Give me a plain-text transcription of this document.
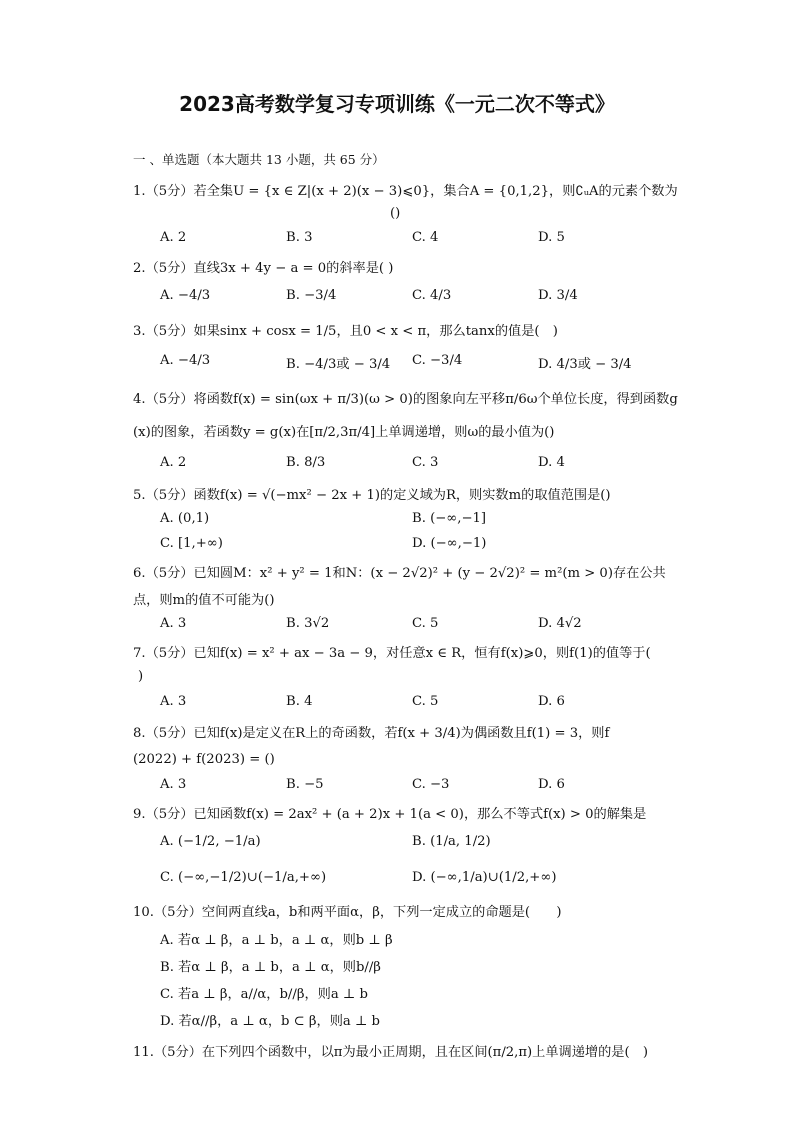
2023高考数学复习专项训练《一元二次不等式》
一 、单选题（本大题共 13 小题，共 65 分）
1.（5分）若全集U = {x ∈ Z|(x + 2)(x − 3)⩽0}，集合A = {0,1,2}，则∁ᵤA的元素个数为
()
A. 2	B. 3	C. 4	D. 5
2.（5分）直线3x + 4y − a = 0的斜率是( )
A. −4/3	B. −3/4	C. 4/3	D. 3/4
3.（5分）如果sinx + cosx = 1/5，且0 < x < π，那么tanx的值是(　)
A. −4/3	B. −4/3或 − 3/4 C. −3/4	D. 4/3或 − 3/4
4.（5分）将函数f(x) = sin(ωx + π/3)(ω > 0)的图象向左平移π/6ω个单位长度，得到函数g
(x)的图象，若函数y = g(x)在[π/2,3π/4]上单调递增，则ω的最小值为()
A. 2	B. 8/3	C. 3	D. 4
5.（5分）函数f(x) = √(−mx² − 2x + 1)的定义域为R，则实数m的取值范围是()
A. (0,1)	B. (−∞,−1]
C. [1,+∞)	D. (−∞,−1)
6.（5分）已知圆M：x² + y² = 1和N：(x − 2√2)² + (y − 2√2)² = m²(m > 0)存在公共
点，则m的值不可能为()
A. 3	B. 3√2	C. 5	D. 4√2
7.（5分）已知f(x) = x² + ax − 3a − 9，对任意x ∈ R，恒有f(x)⩾0，则f(1)的值等于(
)
A. 3	B. 4	C. 5	D. 6
8.（5分）已知f(x)是定义在R上的奇函数，若f(x + 3/4)为偶函数且f(1) = 3，则f
(2022) + f(2023) = ()
A. 3	B. −5	C. −3	D. 6
9.（5分）已知函数f(x) = 2ax² + (a + 2)x + 1(a < 0)，那么不等式f(x) > 0的解集是
A. (−1/2, −1/a)	B. (1/a, 1/2)
C. (−∞,−1/2)∪(−1/a,+∞)	D. (−∞,1/a)∪(1/2,+∞)
10.（5分）空间两直线a，b和两平面α，β，下列一定成立的命题是(　　)
A. 若α ⊥ β，a ⊥ b，a ⊥ α，则b ⊥ β
B. 若α ⊥ β，a ⊥ b，a ⊥ α，则b//β
C. 若a ⊥ β，a//α，b//β，则a ⊥ b
D. 若α//β，a ⊥ α，b ⊂ β，则a ⊥ b
11.（5分）在下列四个函数中，以π为最小正周期，且在区间(π/2,π)上单调递增的是(　)
